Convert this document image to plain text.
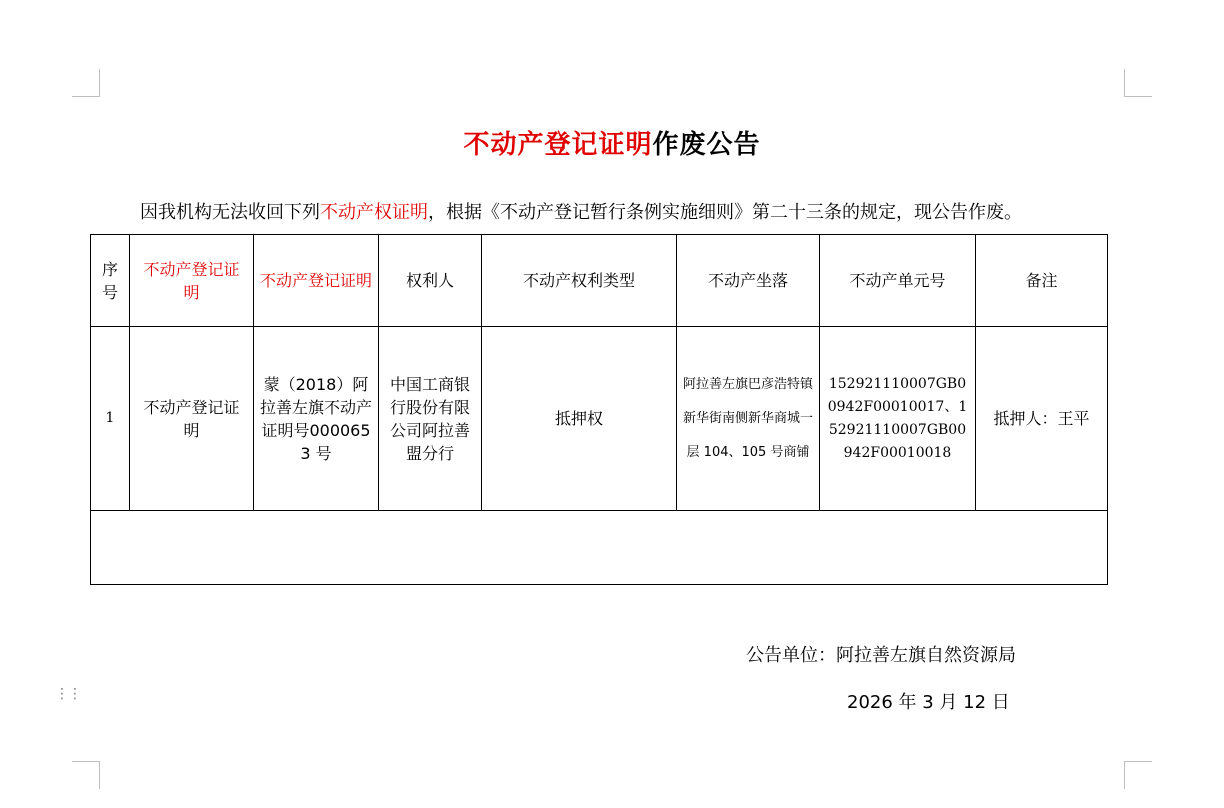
不动产登记证明作废公告
因我机构无法收回下列不动产权证明，根据《不动产登记暂行条例实施细则》第二十三条的规定，现公告作废。
序号	不动产登记证明	不动产登记证明	权利人	不动产权利类型	不动产坐落	不动产单元号	备注
1	不动产登记证明	蒙（2018）阿拉善左旗不动产证明号0000653 号	中国工商银行股份有限公司阿拉善盟分行	抵押权	阿拉善左旗巴彦浩特镇新华街南侧新华商城一层 104、105 号商铺	152921110007GB00942F00010017、152921110007GB00942F00010018	抵押人：王平

公告单位：阿拉善左旗自然资源局
2026 年 3 月 12 日
⋮⋮
